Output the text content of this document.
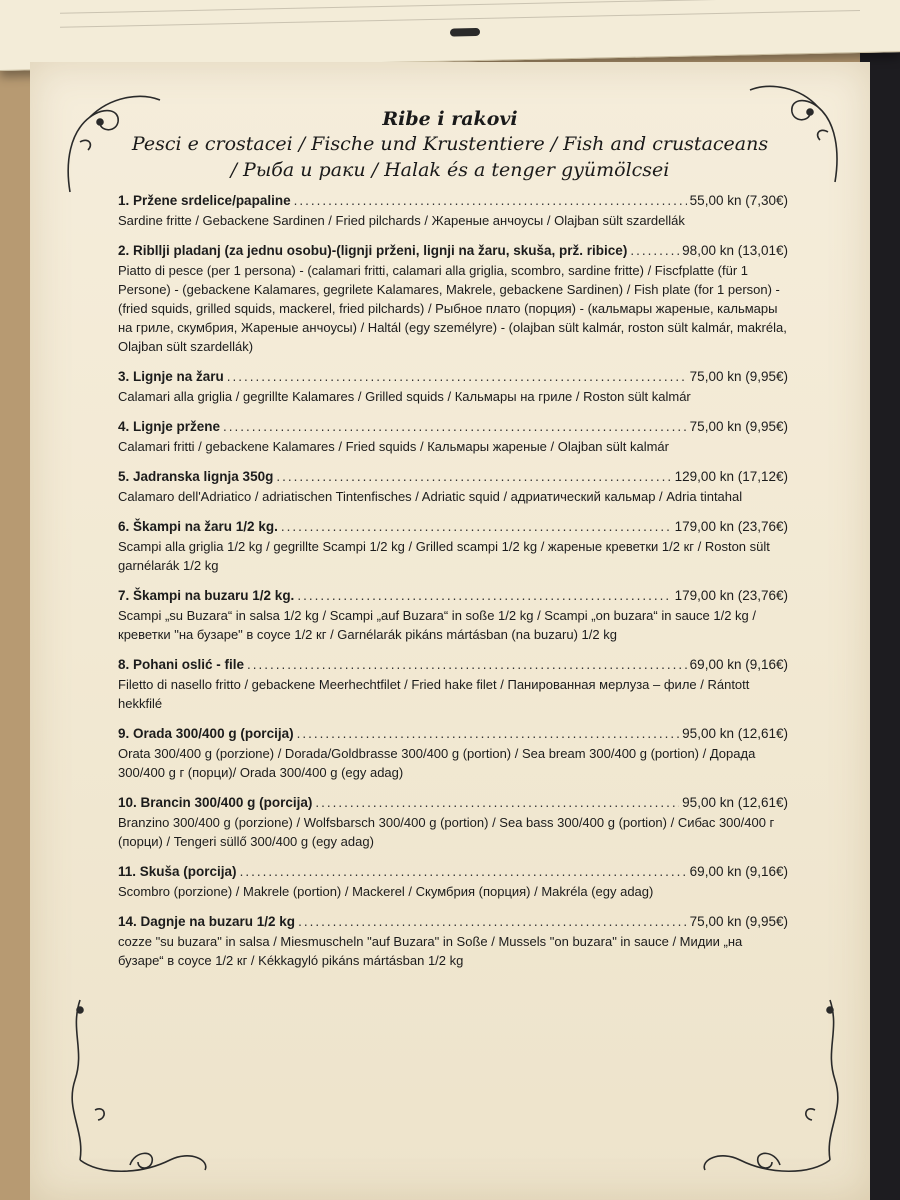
Ribe i rakovi

Pesci e crostacei / Fische und Krustentiere / Fish and crustaceans

/ Рыба и раки / Halak és a tenger gyümölcsei

1. Pržene srdelice/papaline .....	55,00 kn (7,30€)
Sardine fritte / Gebackene Sardinen / Fried pilchards / Жареные анчоусы / Olajban sült szardellák
2. Ribllji pladanj (za jednu osobu)-(lignji prženi, lignji na žaru, skuša, prž. ribice) .....	98,00 kn (13,01€)
Piatto di pesce (per 1 persona) - (calamari fritti, calamari alla griglia, scombro, sardine fritte) / Fiscfplatte (für 1 Persone) - (gebackene Kalamares, gegrilete Kalamares, Makrele, gebackene Sardinen) / Fish plate (for 1 person) - (fried squids, grilled squids, mackerel, fried pilchards) / Рыбное плато (порция) - (кальмары жареные, кальмары на гриле, скумбрия, Жареные анчоусы) / Haltál (egy személyre) - (olajban sült kalmár, roston sült kalmár, makréla, Olajban sült szardellák)
3. Lignje na žaru .....	75,00 kn (9,95€)
Calamari alla griglia / gegrillte Kalamares / Grilled squids / Кальмары на гриле / Roston sült kalmár
4. Lignje pržene .....	75,00 kn (9,95€)
Calamari fritti / gebackene Kalamares / Fried squids / Кальмары жареные / Olajban sült kalmár
5. Jadranska lignja 350g .....	129,00 kn (17,12€)
Calamaro dell'Adriatico / adriatischen Tintenfisches / Adriatic squid / адриатический кальмар / Adria tintahal
6. Škampi na žaru 1/2 kg. .....	179,00 kn (23,76€)
Scampi alla griglia 1/2 kg / gegrillte Scampi 1/2 kg / Grilled scampi 1/2 kg / жареные креветки 1/2 кг / Roston sült garnélarák 1/2 kg
7. Škampi na buzaru 1/2 kg. .....	179,00 kn (23,76€)
Scampi „su Buzara“ in salsa 1/2 kg / Scampi „auf Buzara“ in soße 1/2 kg / Scampi „on buzara“ in sauce 1/2 kg / креветки "на бузаре" в соусе 1/2 кг / Garnélarák pikáns mártásban (na buzaru) 1/2 kg
8. Pohani oslić - file .....	69,00 kn (9,16€)
Filetto di nasello fritto / gebackene Meerhechtfilet / Fried hake filet / Панированная мерлуза – филе / Rántott hekkfilé
9. Orada 300/400 g (porcija) .....	95,00 kn (12,61€)
Orata 300/400 g (porzione) / Dorada/Goldbrasse 300/400 g (portion) / Sea bream 300/400 g (portion) / Дорада 300/400 g г (порци)/ Orada 300/400 g (egy adag)
10. Brancin 300/400 g (porcija) .....	95,00 kn (12,61€)
Branzino 300/400 g (porzione) / Wolfsbarsch 300/400 g (portion) / Sea bass 300/400 g (portion) / Сибас 300/400 г (порци) / Tengeri süllő 300/400 g (egy adag)
11. Skuša (porcija) .....	69,00 kn (9,16€)
Scombro (porzione) / Makrele (portion) / Mackerel / Скумбрия (порция) / Makréla (egy adag)
14. Dagnje na buzaru 1/2 kg .....	75,00 kn (9,95€)
cozze "su buzara" in salsa / Miesmuscheln "auf Buzara" in Soße / Mussels "on buzara" in sauce / Мидии „на бузаре“ в соусе 1/2 кг / Kékkagyló pikáns mártásban 1/2 kg
